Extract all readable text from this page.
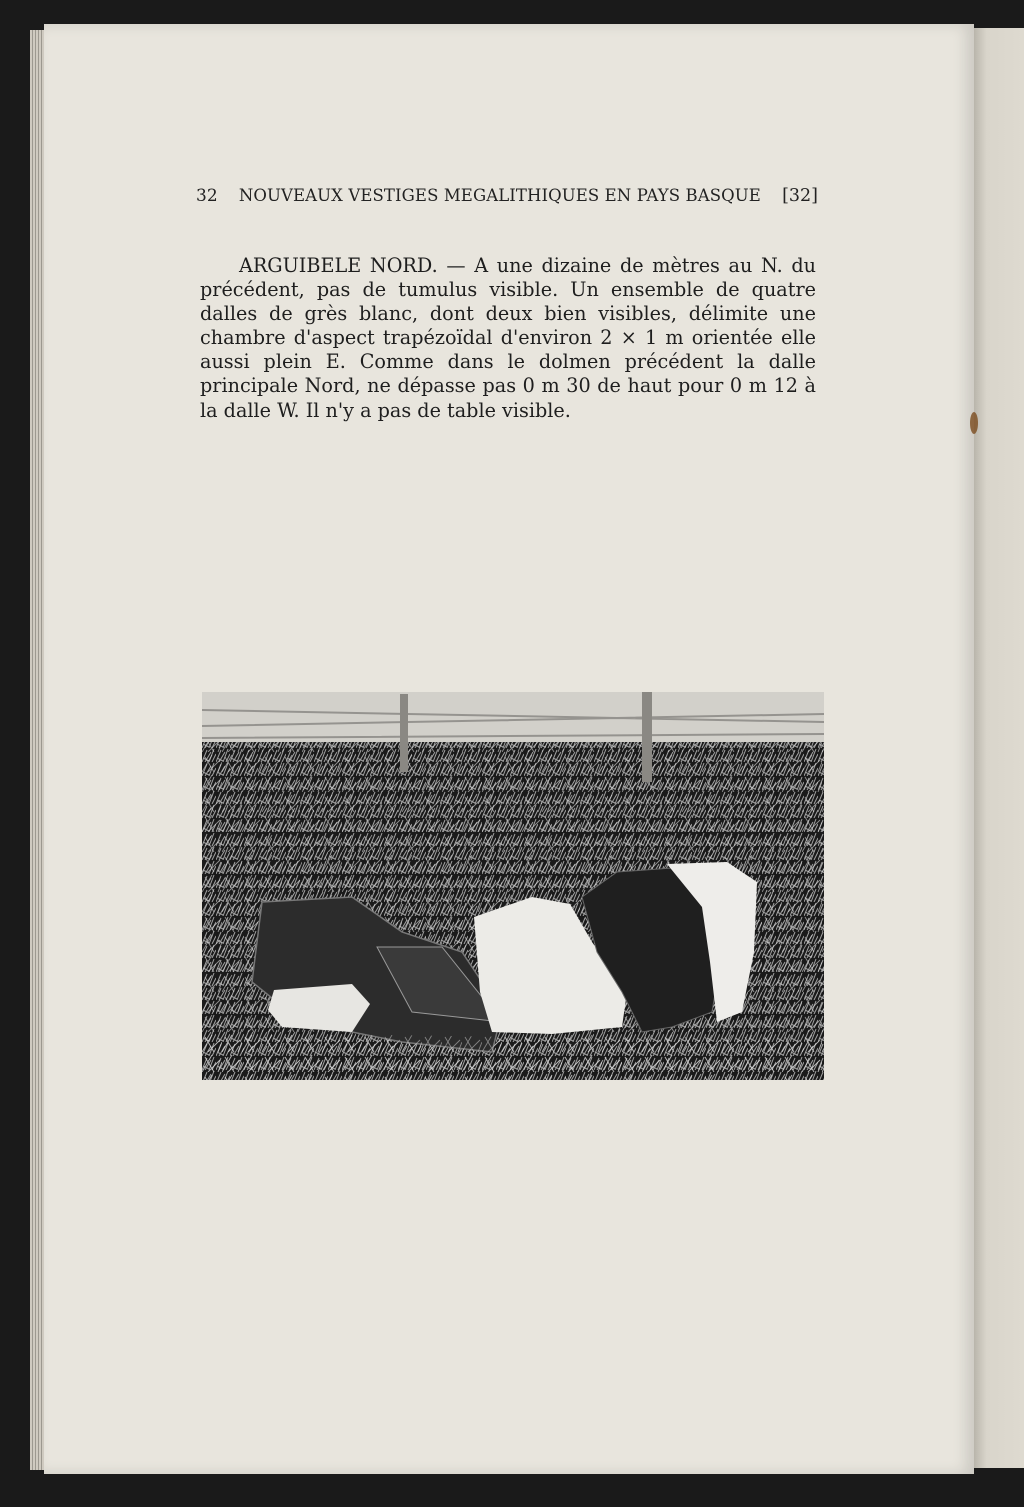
32 NOUVEAUX VESTIGES MEGALITHIQUES EN PAYS BASQUE [32]

ARGUIBELE NORD. — A une dizaine de mètres au N. du précédent, pas de tumulus visible. Un ensemble de quatre dalles de grès blanc, dont deux bien visibles, délimite une chambre d'aspect trapézoïdal d'environ 2 × 1 m orientée elle aussi plein E. Comme dans le dolmen précédent la dalle principale Nord, ne dépasse pas 0 m 30 de haut pour 0 m 12 à la dalle W. Il n'y a pas de table visible.
